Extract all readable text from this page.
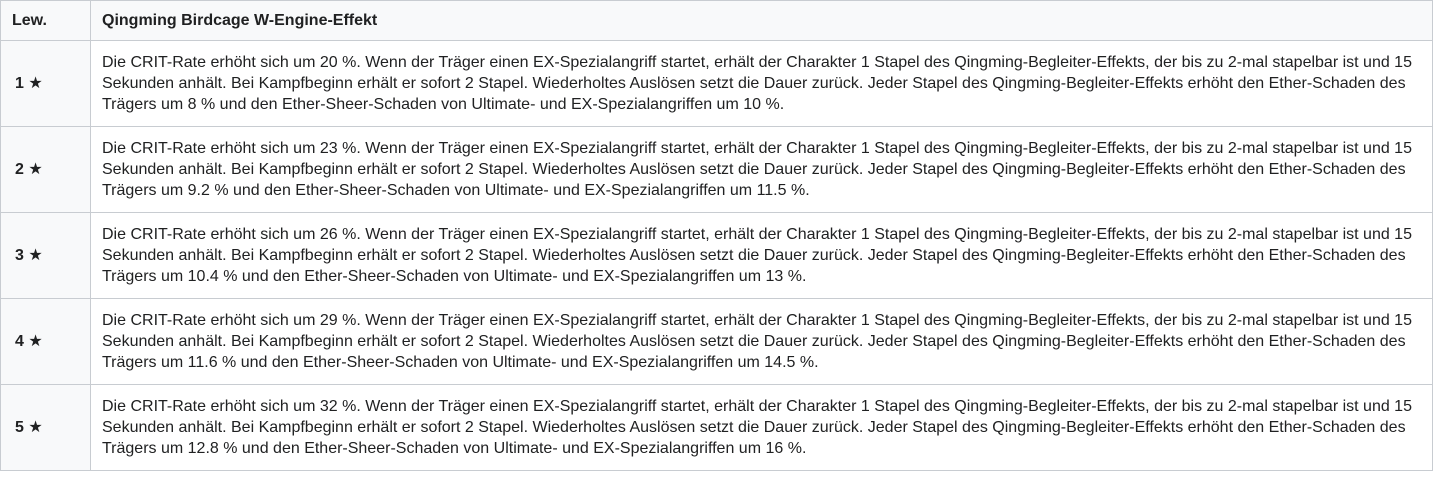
Lew.	Qingming Birdcage W-Engine-Effekt
1 ★	Die CRIT-Rate erhöht sich um 20 %. Wenn der Träger einen EX-Spezialangriff startet, erhält der Charakter 1 Stapel des Qingming-Begleiter-Effekts, der bis zu 2-mal stapelbar ist und 15 Sekunden anhält. Bei Kampfbeginn erhält er sofort 2 Stapel. Wiederholtes Auslösen setzt die Dauer zurück. Jeder Stapel des Qingming-Begleiter-Effekts erhöht den Ether-Schaden des Trägers um 8 % und den Ether-Sheer-Schaden von Ultimate- und EX-Spezialangriffen um 10 %.
2 ★	Die CRIT-Rate erhöht sich um 23 %. Wenn der Träger einen EX-Spezialangriff startet, erhält der Charakter 1 Stapel des Qingming-Begleiter-Effekts, der bis zu 2-mal stapelbar ist und 15 Sekunden anhält. Bei Kampfbeginn erhält er sofort 2 Stapel. Wiederholtes Auslösen setzt die Dauer zurück. Jeder Stapel des Qingming-Begleiter-Effekts erhöht den Ether-Schaden des Trägers um 9.2 % und den Ether-Sheer-Schaden von Ultimate- und EX-Spezialangriffen um 11.5 %.
3 ★	Die CRIT-Rate erhöht sich um 26 %. Wenn der Träger einen EX-Spezialangriff startet, erhält der Charakter 1 Stapel des Qingming-Begleiter-Effekts, der bis zu 2-mal stapelbar ist und 15 Sekunden anhält. Bei Kampfbeginn erhält er sofort 2 Stapel. Wiederholtes Auslösen setzt die Dauer zurück. Jeder Stapel des Qingming-Begleiter-Effekts erhöht den Ether-Schaden des Trägers um 10.4 % und den Ether-Sheer-Schaden von Ultimate- und EX-Spezialangriffen um 13 %.
4 ★	Die CRIT-Rate erhöht sich um 29 %. Wenn der Träger einen EX-Spezialangriff startet, erhält der Charakter 1 Stapel des Qingming-Begleiter-Effekts, der bis zu 2-mal stapelbar ist und 15 Sekunden anhält. Bei Kampfbeginn erhält er sofort 2 Stapel. Wiederholtes Auslösen setzt die Dauer zurück. Jeder Stapel des Qingming-Begleiter-Effekts erhöht den Ether-Schaden des Trägers um 11.6 % und den Ether-Sheer-Schaden von Ultimate- und EX-Spezialangriffen um 14.5 %.
5 ★	Die CRIT-Rate erhöht sich um 32 %. Wenn der Träger einen EX-Spezialangriff startet, erhält der Charakter 1 Stapel des Qingming-Begleiter-Effekts, der bis zu 2-mal stapelbar ist und 15 Sekunden anhält. Bei Kampfbeginn erhält er sofort 2 Stapel. Wiederholtes Auslösen setzt die Dauer zurück. Jeder Stapel des Qingming-Begleiter-Effekts erhöht den Ether-Schaden des Trägers um 12.8 % und den Ether-Sheer-Schaden von Ultimate- und EX-Spezialangriffen um 16 %.
